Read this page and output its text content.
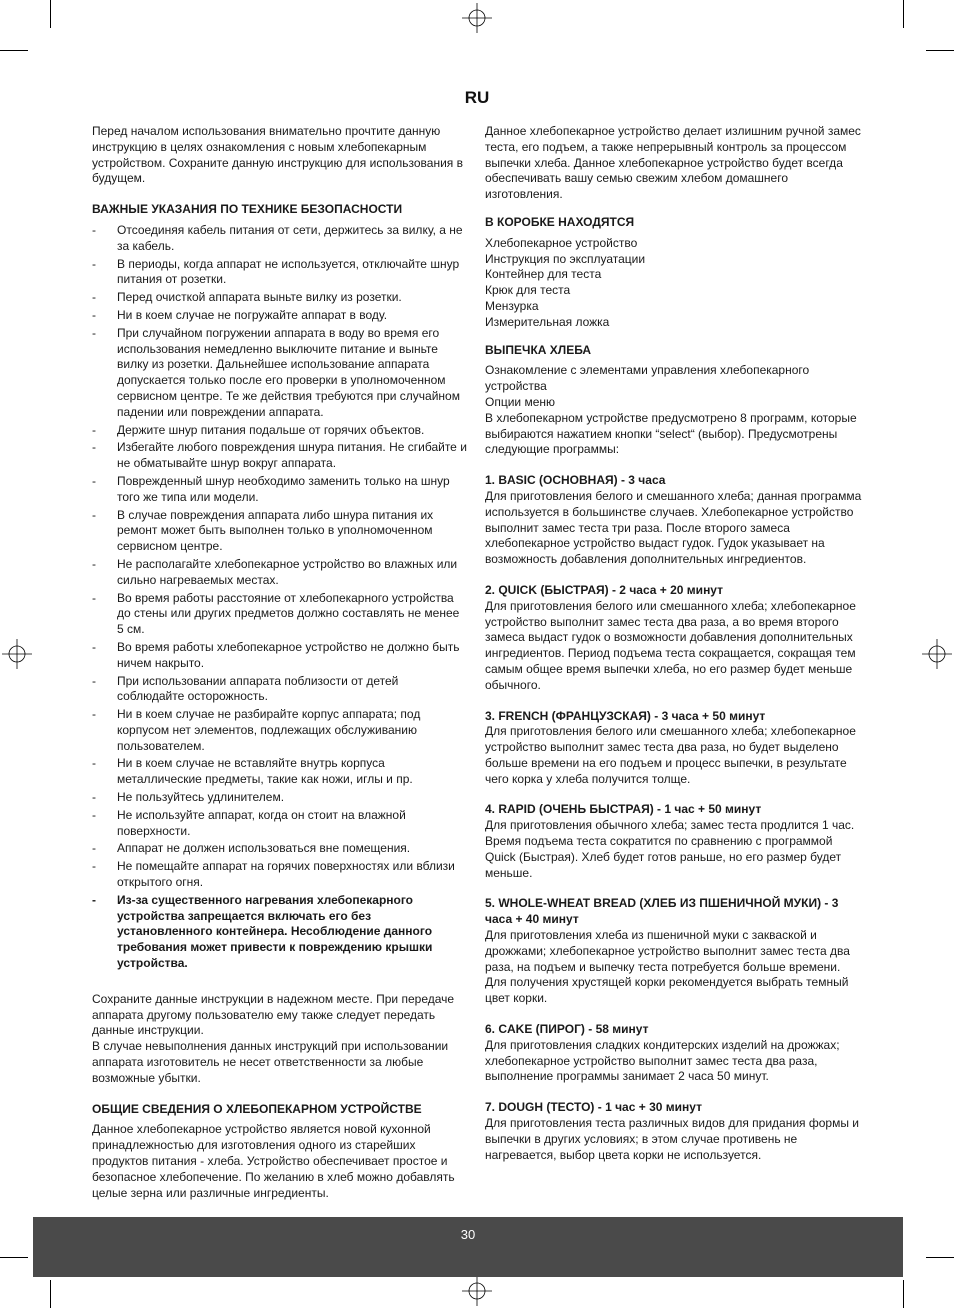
RU

Перед началом использования внимательно прочтите данную инструкцию в целях ознакомления с новым хлебопекарным устройством. Сохраните данную инструкцию для использования в будущем.

ВАЖНЫЕ УКАЗАНИЯ ПО ТЕХНИКЕ БЕЗОПАСНОСТИ
- Отсоединяя кабель питания от сети, держитесь за вилку, а не за кабель.
- В периоды, когда аппарат не используется, отключайте шнур питания от розетки.
- Перед очисткой аппарата выньте вилку из розетки.
- Ни в коем случае не погружайте аппарат в воду.
- При случайном погружении аппарата в воду во время его использования немедленно выключите питание и выньте вилку из розетки. Дальнейшее использование аппарата допускается только после его проверки в уполномоченном сервисном центре. Те же действия требуются при случайном падении или повреждении аппарата.
- Держите шнур питания подальше от горячих объектов.
- Избегайте любого повреждения шнура питания. Не сгибайте и не обматывайте шнур вокруг аппарата.
- Поврежденный шнур необходимо заменить только на шнур того же типа или модели.
- В случае повреждения аппарата либо шнура питания их ремонт может быть выполнен только в уполномоченном сервисном центре.
- Не располагайте хлебопекарное устройство во влажных или сильно нагреваемых местах.
- Во время работы расстояние от хлебопекарного устройства до стены или других предметов должно составлять не менее 5 см.
- Во время работы хлебопекарное устройство не должно быть ничем накрыто.
- При использовании аппарата поблизости от детей соблюдайте осторожность.
- Ни в коем случае не разбирайте корпус аппарата; под корпусом нет элементов, подлежащих обслуживанию пользователем.
- Ни в коем случае не вставляйте внутрь корпуса металлические предметы, такие как ножи, иглы и пр.
- Не пользуйтесь удлинителем.
- Не используйте аппарат, когда он стоит на влажной поверхности.
- Аппарат не должен использоваться вне помещения.
- Не помещайте аппарат на горячих поверхностях или вблизи открытого огня.
- Из-за существенного нагревания хлебопекарного устройства запрещается включать его без установленного контейнера. Несоблюдение данного требования может привести к повреждению крышки устройства.

Сохраните данные инструкции в надежном месте. При передаче аппарата другому пользователю ему также следует передать данные инструкции.

В случае невыполнения данных инструкций при использовании аппарата изготовитель не несет ответственности за любые возможные убытки.

ОБЩИЕ СВЕДЕНИЯ О ХЛЕБОПЕКАРНОМ УСТРОЙСТВЕ

Данное хлебопекарное устройство является новой кухонной принадлежностью для изготовления одного из старейших продуктов питания - хлеба. Устройство обеспечивает простое и безопасное хлебопечение. По желанию в хлеб можно добавлять целые зерна или различные ингредиенты.

Данное хлебопекарное устройство делает излишним ручной замес теста, его подъем, а также непрерывный контроль за процессом выпечки хлеба. Данное хлебопекарное устройство будет всегда обеспечивать вашу семью свежим хлебом домашнего изготовления.

В КОРОБКЕ НАХОДЯТСЯ
Хлебопекарное устройство
Инструкция по эксплуатации
Контейнер для теста
Крюк для теста
Мензурка
Измерительная ложка
ВЫПЕЧКА ХЛЕБА

Ознакомление с элементами управления хлебопекарного устройства

Опции меню

В хлебопекарном устройстве предусмотрено 8 программ, которые выбираются нажатием кнопки “select“ (выбор). Предусмотрены следующие программы:

1. BASIC (ОСНОВНАЯ) - 3 часа

Для приготовления белого и смешанного хлеба; данная программа используется в большинстве случаев. Хлебопекарное устройство выполнит замес теста три раза. После второго замеса хлебопекарное устройство выдаст гудок. Гудок указывает на возможность добавления дополнительных ингредиентов.

2. QUICK (БЫСТРАЯ) - 2 часа + 20 минут

Для приготовления белого или смешанного хлеба; хлебопекарное устройство выполнит замес теста два раза, а во время второго замеса выдаст гудок о возможности добавления дополнительных ингредиентов. Период подъема теста сокращается, сокращая тем самым общее время выпечки хлеба, но его размер будет меньше обычного.

3. FRENCH (ФРАНЦУЗСКАЯ) - 3 часа + 50 минут

Для приготовления белого или смешанного хлеба; хлебопекарное устройство выполнит замес теста два раза, но будет выделено больше времени на его подъем и процесс выпечки, в результате чего корка у хлеба получится толще.

4. RAPID (ОЧЕНЬ БЫСТРАЯ) - 1 час + 50 минут

Для приготовления обычного хлеба; замес теста продлится 1 час. Время подъема теста сократится по сравнению с программой Quick (Быстрая). Хлеб будет готов раньше, но его размер будет меньше.

5. WHOLE-WHEAT BREAD (ХЛЕБ ИЗ ПШЕНИЧНОЙ МУКИ) - 3 часа + 40 минут

Для приготовления хлеба из пшеничной муки с закваской и дрожжами; хлебопекарное устройство выполнит замес теста два раза, на подъем и выпечку теста потребуется больше времени. Для получения хрустящей корки рекомендуется выбрать темный цвет корки.

6. CAKE (ПИРОГ) - 58 минут

Для приготовления сладких кондитерских изделий на дрожжах; хлебопекарное устройство выполнит замес теста два раза, выполнение программы занимает 2 часа 50 минут.

7. DOUGH (ТЕСТО) - 1 час + 30 минут

Для приготовления теста различных видов для придания формы и выпечки в других условиях; в этом случае противень не нагревается, выбор цвета корки не используется.

30
